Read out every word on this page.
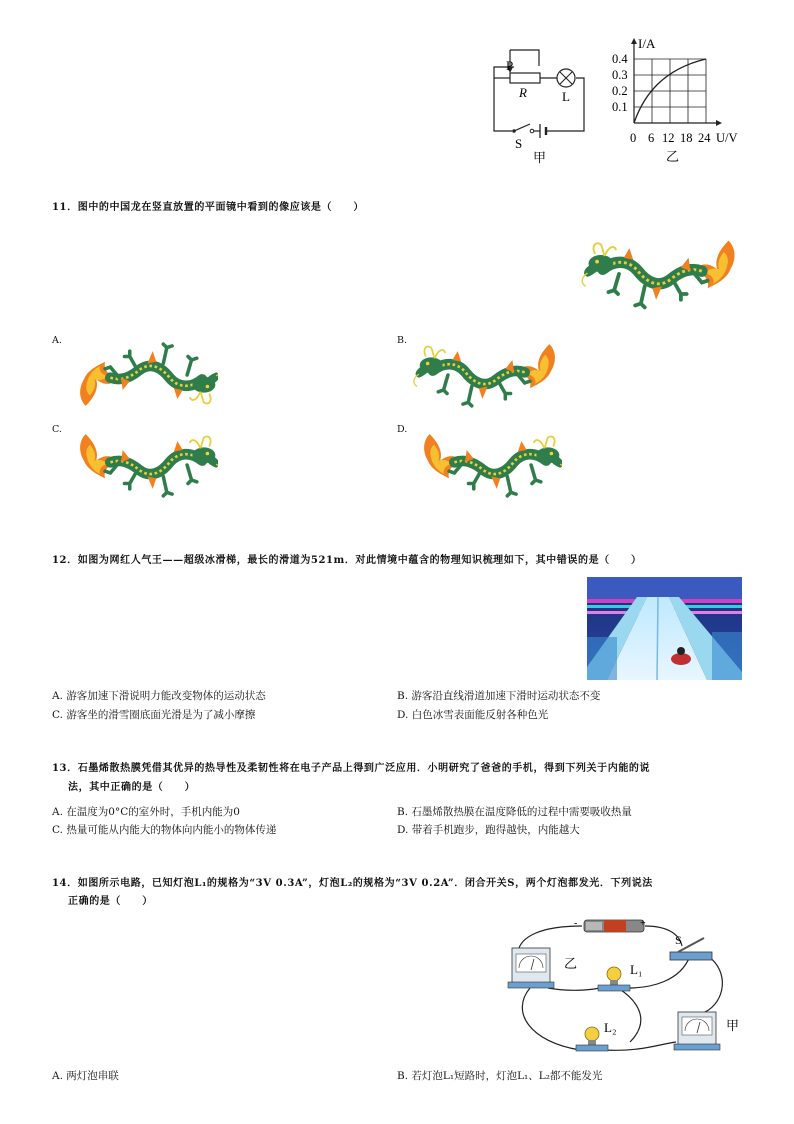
P
R	L
S
甲
I/A
0.4
0.3
0.2
0.1
0 6 12 18 24 U/V
乙
11．图中的中国龙在竖直放置的平面镜中看到的像应该是（　　）
A.	B.
C.	D.
12．如图为网红人气王——超级冰滑梯，最长的滑道为521m．对此情境中蕴含的物理知识梳理如下，其中错误的是（　　）
A. 游客加速下滑说明力能改变物体的运动状态	B. 游客沿直线滑道加速下滑时运动状态不变
C. 游客坐的滑雪圈底面光滑是为了减小摩擦	D. 白色冰雪表面能反射各种色光
13．石墨烯散热膜凭借其优异的热导性及柔韧性将在电子产品上得到广泛应用．小明研究了爸爸的手机，得到下列关于内能的说
法，其中正确的是（　　）
A. 在温度为0°C的室外时，手机内能为0	B. 石墨烯散热膜在温度降低的过程中需要吸收热量
C. 热量可能从内能大的物体向内能小的物体传递	D. 带着手机跑步，跑得越快，内能越大
14．如图所示电路，已知灯泡L₁的规格为“3V 0.3A”，灯泡L₂的规格为“3V 0.2A”．闭合开关S，两个灯泡都发光．下列说法
正确的是（　　）
-	+
S
乙	L₁
L₂	甲
A. 两灯泡串联	B. 若灯泡L₁短路时，灯泡L₁、L₂都不能发光
